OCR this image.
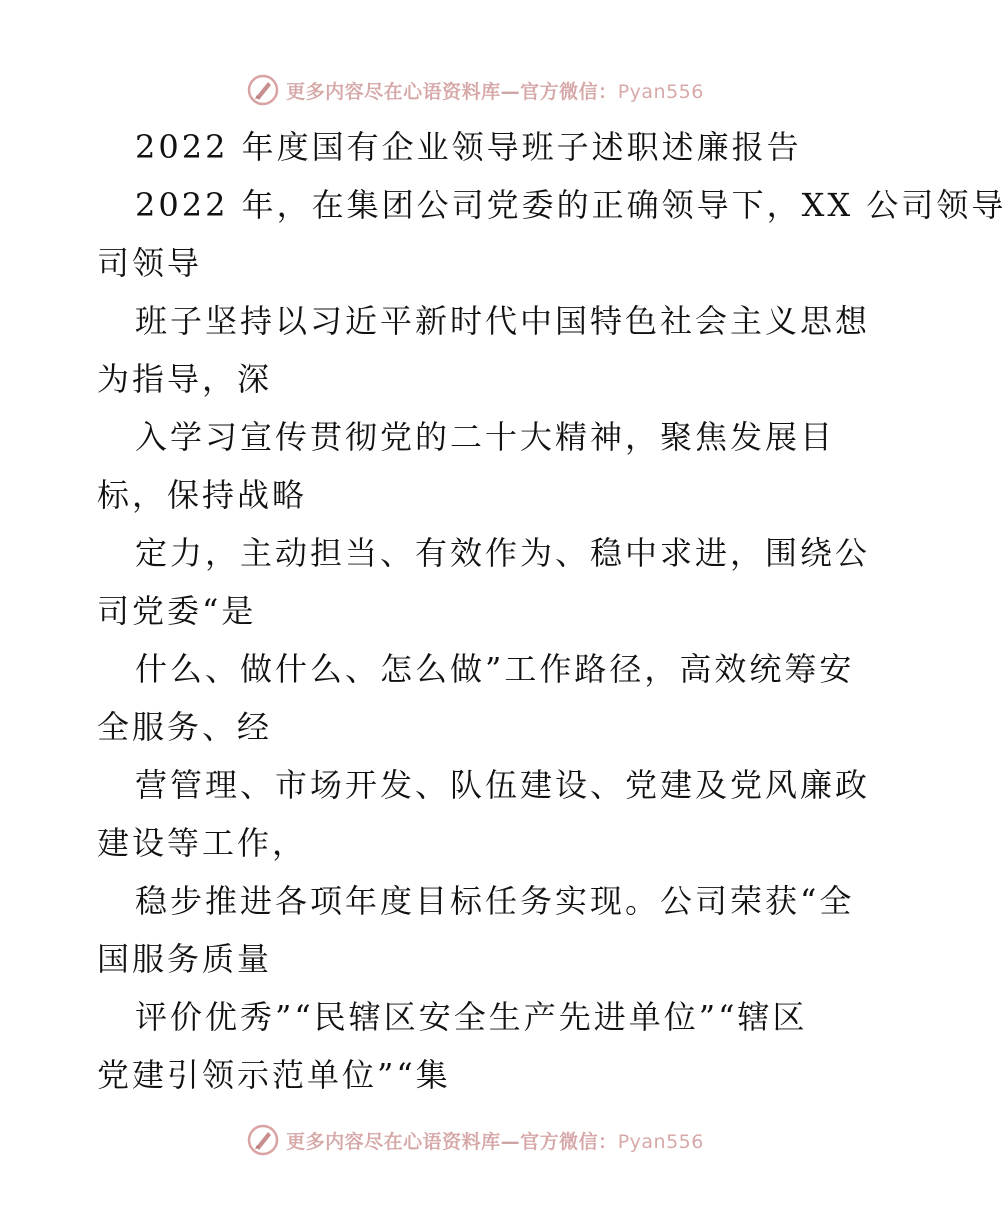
更多内容尽在心语资料库—官方微信：Pyan556
2022 年度国有企业领导班子述职述廉报告
2022 年，在集团公司党委的正确领导下，XX 公司领导
司领导
班子坚持以习近平新时代中国特色社会主义思想
为指导，深
入学习宣传贯彻党的二十大精神，聚焦发展目
标，保持战略
定力，主动担当、有效作为、稳中求进，围绕公
司党委“是
什么、做什么、怎么做”工作路径，高效统筹安
全服务、经
营管理、市场开发、队伍建设、党建及党风廉政
建设等工作，
稳步推进各项年度目标任务实现。公司荣获“全
国服务质量
评价优秀”“民辖区安全生产先进单位”“辖区
党建引领示范单位”“集
更多内容尽在心语资料库—官方微信：Pyan556
